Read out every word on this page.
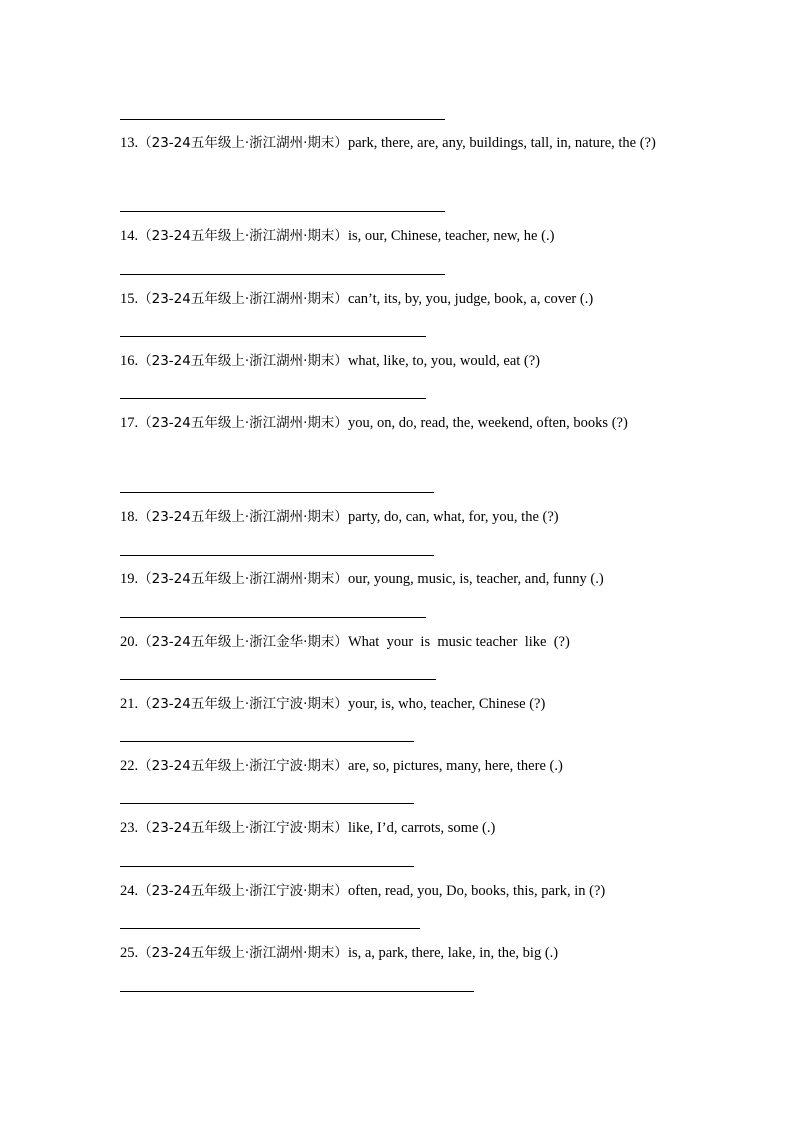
13.（23-24五年级上·浙江湖州·期末）park, there, are, any, buildings, tall, in, nature, the (?)
14.（23-24五年级上·浙江湖州·期末）is, our, Chinese, teacher, new, he (.)
15.（23-24五年级上·浙江湖州·期末）can’t, its, by, you, judge, book, a, cover (.)
16.（23-24五年级上·浙江湖州·期末）what, like, to, you, would, eat (?)
17.（23-24五年级上·浙江湖州·期末）you, on, do, read, the, weekend, often, books (?)
18.（23-24五年级上·浙江湖州·期末）party, do, can, what, for, you, the (?)
19.（23-24五年级上·浙江湖州·期末）our, young, music, is, teacher, and, funny (.)
20.（23-24五年级上·浙江金华·期末）What  your  is  music teacher  like  (?)
21.（23-24五年级上·浙江宁波·期末）your, is, who, teacher, Chinese (?)
22.（23-24五年级上·浙江宁波·期末）are, so, pictures, many, here, there (.)
23.（23-24五年级上·浙江宁波·期末）like, I’d, carrots, some (.)
24.（23-24五年级上·浙江宁波·期末）often, read, you, Do, books, this, park, in (?)
25.（23-24五年级上·浙江湖州·期末）is, a, park, there, lake, in, the, big (.)
